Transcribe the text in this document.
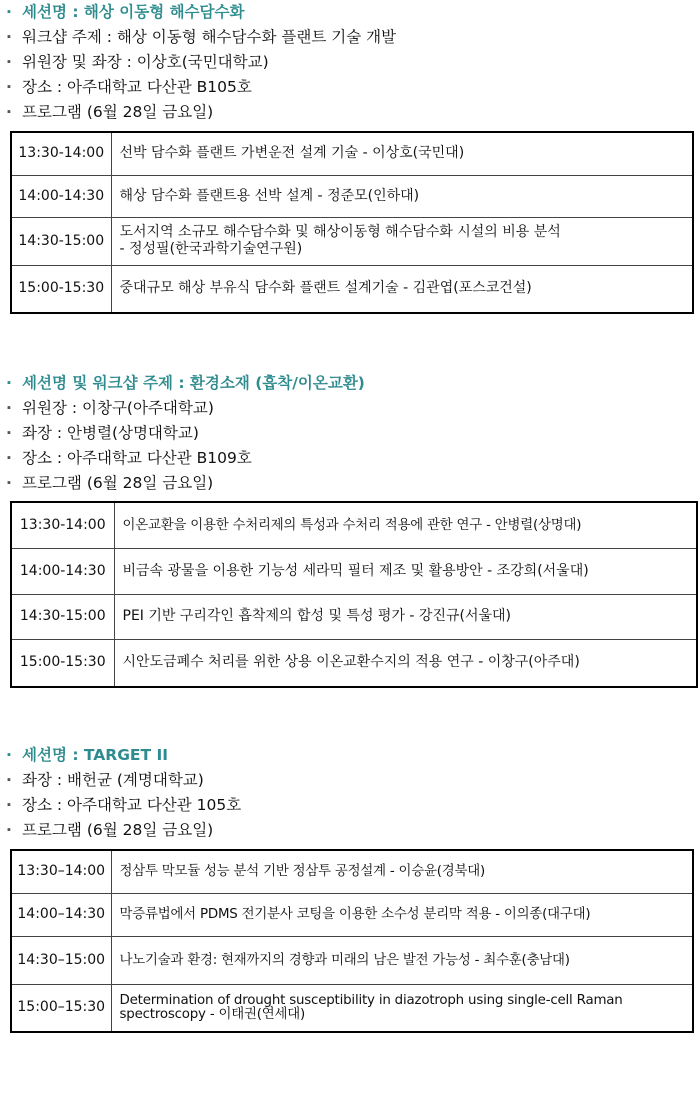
· 세션명 : 해상 이동형 해수담수화
· 워크샵 주제 : 해상 이동형 해수담수화 플랜트 기술 개발
· 위원장 및 좌장 : 이상호(국민대학교)
· 장소 : 아주대학교 다산관 B105호
· 프로그램 (6월 28일 금요일)
13:30-14:00	선박 담수화 플랜트 가변운전 설계 기술 - 이상호(국민대)
14:00-14:30	해상 담수화 플랜트용 선박 설계 - 정준모(인하대)
14:30-15:00	도서지역 소규모 해수담수화 및 해상이동형 해수담수화 시설의 비용 분석
- 정성필(한국과학기술연구원)

15:00-15:30	중대규모 해상 부유식 담수화 플랜트 설계기술 - 김관엽(포스코건설)
· 세션명 및 워크샵 주제 : 환경소재 (흡착/이온교환)
· 위원장 : 이창구(아주대학교)
· 좌장 : 안병렬(상명대학교)
· 장소 : 아주대학교 다산관 B109호
· 프로그램 (6월 28일 금요일)
13:30-14:00	이온교환을 이용한 수처리제의 특성과 수처리 적용에 관한 연구 - 안병렬(상명대)
14:00-14:30	비금속 광물을 이용한 기능성 세라믹 필터 제조 및 활용방안 - 조강희(서울대)
14:30-15:00	PEI 기반 구리각인 흡착제의 합성 및 특성 평가 - 강진규(서울대)
15:00-15:30	시안도금폐수 처리를 위한 상용 이온교환수지의 적용 연구 - 이창구(아주대)
· 세션명 : TARGET II
· 좌장 : 배헌균 (계명대학교)
· 장소 : 아주대학교 다산관 105호
· 프로그램 (6월 28일 금요일)
13:30–14:00	정삼투 막모듈 성능 분석 기반 정삼투 공정설계 - 이승윤(경북대)
14:00–14:30	막증류법에서 PDMS 전기분사 코팅을 이용한 소수성 분리막 적용 - 이의종(대구대)
14:30–15:00	나노기술과 환경: 현재까지의 경향과 미래의 남은 발전 가능성 - 최수훈(충남대)
15:00–15:30	Determination of drought susceptibility in diazotroph using single-cell Raman spectroscopy - 이태권(연세대)
